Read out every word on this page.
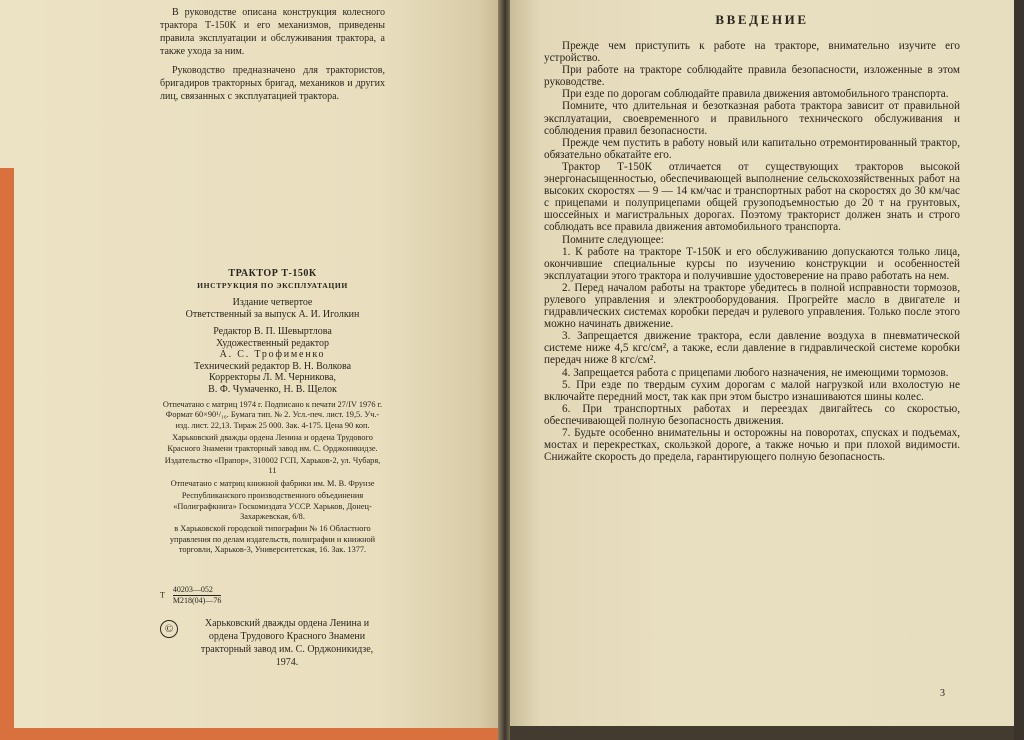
В руководстве описана конструкция колесного трактора Т-150К и его механизмов, приведены правила эксплуатации и обслуживания трактора, а также ухода за ним.

Руководство предназначено для трактористов, бригадиров тракторных бригад, механиков и других лиц, связанных с эксплуатацией трактора.

ТРАКТОР Т-150К
ИНСТРУКЦИЯ ПО ЭКСПЛУАТАЦИИ
Издание четвертое
Ответственный за выпуск А. И. Иголкин
Редактор В. П. Шевыртлова
Художественный редактор
А. С. Трофименко
Технический редактор В. Н. Волкова
Корректоры Л. М. Черникова,
В. Ф. Чумаченко, Н. В. Щелок

Отпечатано с матриц 1974 г. Подписано к печати 27/IV 1976 г. Формат 60×90¹/₁₆. Бумага тип. № 2. Усл.-печ. лист. 19,5. Уч.-изд. лист. 22,13. Тираж 25 000. Зак. 4-175. Цена 90 коп.

Харьковский дважды ордена Ленина и ордена Трудового Красного Знамени тракторный завод им. С. Орджоникидзе.

Издательство «Прапор», 310002 ГСП, Харьков-2, ул. Чубаря, 11

Отпечатано с матриц книжной фабрики им. М. В. Фрунзе

Республиканского производственного объединения «Полиграфкнига» Госкомиздата УССР. Харьков, Донец-Захаржевская, 6/8.

в Харьковской городской типографии № 16 Областного управления по делам издательств, полиграфии и книжной торговли, Харьков-3, Университетская, 16. Зак. 1377.

Т $\frac{40203—052}{М218(04)—76}$
©	Харьковский дважды ордена Ленина и ордена Трудового Красного Знамени тракторный завод им. С. Орджоникидзе, 1974.
ВВЕДЕНИЕ

Прежде чем приступить к работе на тракторе, внимательно изучите его устройство.

При работе на тракторе соблюдайте правила безопасности, изложенные в этом руководстве.

При езде по дорогам соблюдайте правила движения автомобильного транспорта.

Помните, что длительная и безотказная работа трактора зависит от правильной эксплуатации, своевременного и правильного технического обслуживания и соблюдения правил безопасности.

Прежде чем пустить в работу новый или капитально отремонтированный трактор, обязательно обкатайте его.

Трактор Т-150К отличается от существующих тракторов высокой энергонасыщенностью, обеспечивающей выполнение сельскохозяйственных работ на высоких скоростях — 9 — 14 км/час и транспортных работ на скоростях до 30 км/час с прицепами и полуприцепами общей грузоподъемностью до 20 т на грунтовых, шоссейных и магистральных дорогах. Поэтому тракторист должен знать и строго соблюдать все правила движения автомобильного транспорта.

Помните следующее:

1. К работе на тракторе Т-150К и его обслуживанию допускаются только лица, окончившие специальные курсы по изучению конструкции и особенностей эксплуатации этого трактора и получившие удостоверение на право работать на нем.

2. Перед началом работы на тракторе убедитесь в полной исправности тормозов, рулевого управления и электрооборудования. Прогрейте масло в двигателе и гидравлических системах коробки передач и рулевого управления. Только после этого можно начинать движение.

3. Запрещается движение трактора, если давление воздуха в пневматической системе ниже 4,5 кгс/см², а также, если давление в гидравлической системе коробки передач ниже 8 кгс/см².

4. Запрещается работа с прицепами любого назначения, не имеющими тормозов.

5. При езде по твердым сухим дорогам с малой нагрузкой или вхолостую не включайте передний мост, так как при этом быстро изнашиваются шины колес.

6. При транспортных работах и переездах двигайтесь со скоростью, обеспечивающей полную безопасность движения.

7. Будьте особенно внимательны и осторожны на поворотах, спусках и подъемах, мостах и перекрестках, скользкой дороге, а также ночью и при плохой видимости. Снижайте скорость до предела, гарантирующего полную безопасность.

3
